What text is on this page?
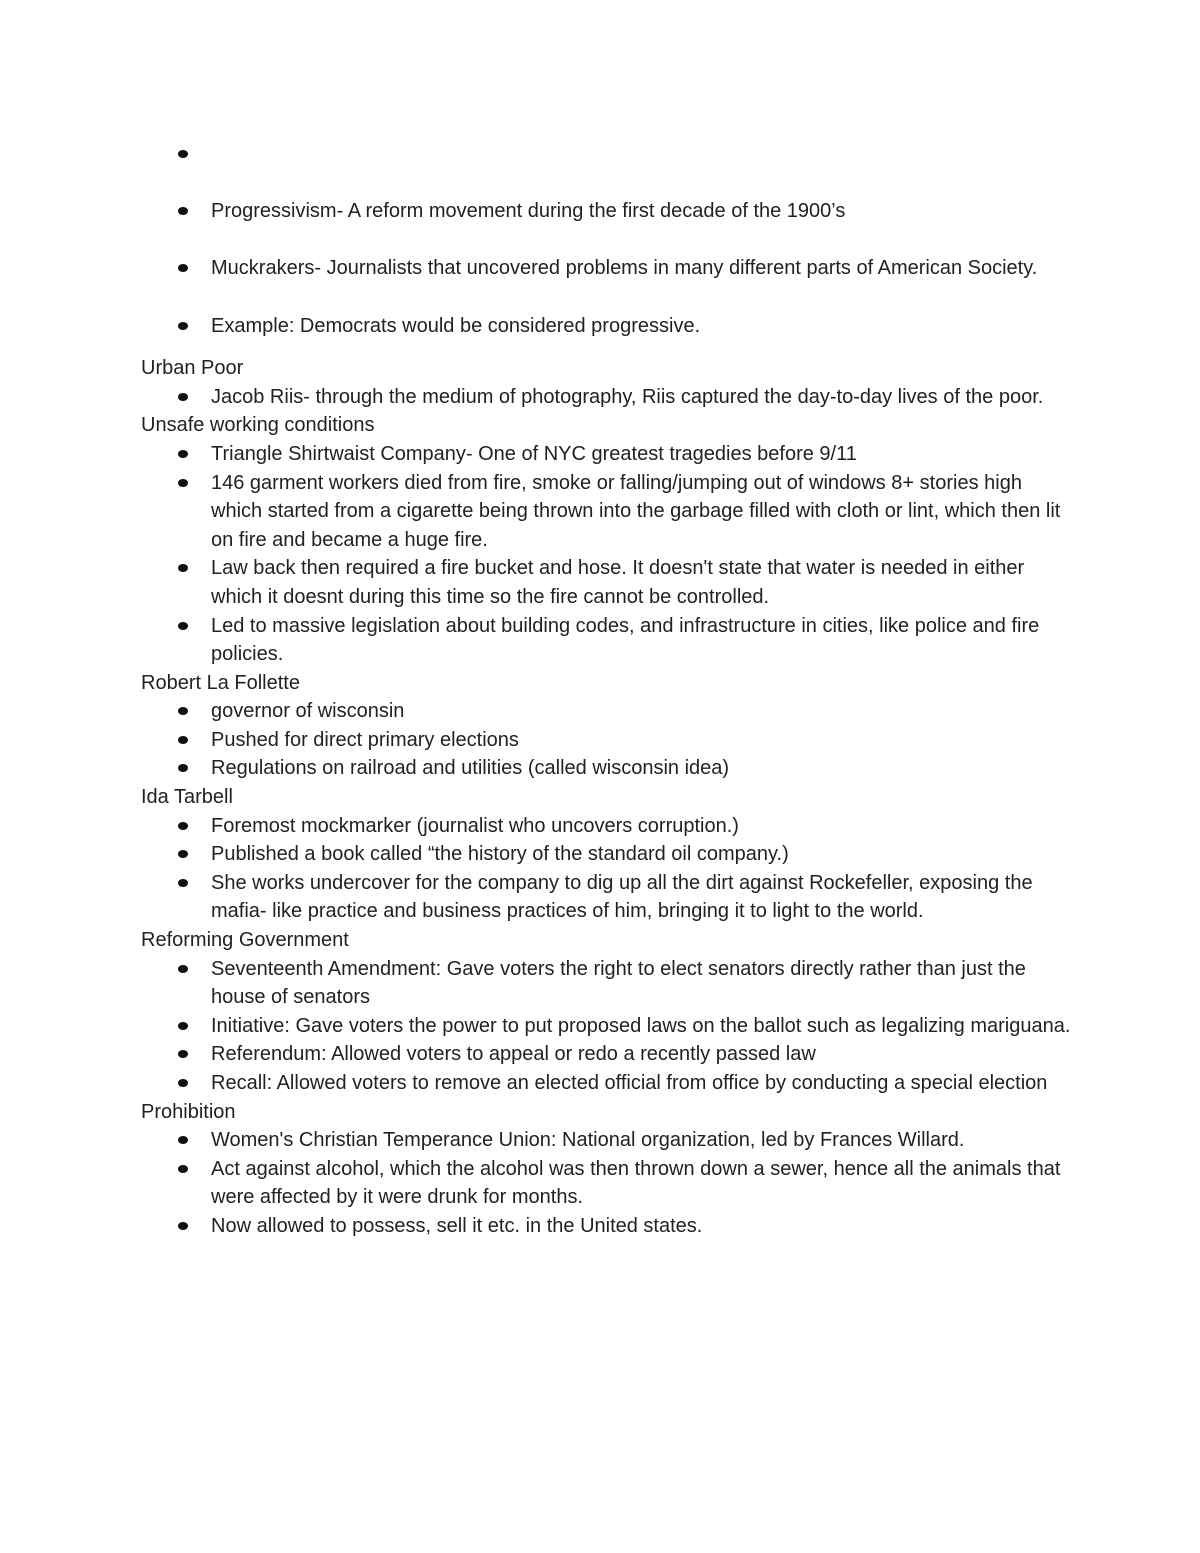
Progressivism- A reform movement during the first decade of the 1900’s
Muckrakers- Journalists that uncovered problems in many different parts of American Society.
Example: Democrats would be considered progressive.
Urban Poor
Jacob Riis- through the medium of photography, Riis captured the day-to-day lives of the poor.
Unsafe working conditions
Triangle Shirtwaist Company- One of NYC greatest tragedies before 9/11
146 garment workers died from fire, smoke or falling/jumping out of windows 8+ stories high which started from a cigarette being thrown into the garbage filled with cloth or lint, which then lit on fire and became a huge fire.
Law back then required a fire bucket and hose. It doesn't state that water is needed in either which it doesnt during this time so the fire cannot be controlled.
Led to massive legislation about building codes, and infrastructure in cities, like police and fire policies.
Robert La Follette
governor of wisconsin
Pushed for direct primary elections
Regulations on railroad and utilities (called wisconsin idea)
Ida Tarbell
Foremost mockmarker (journalist who uncovers corruption.)
Published a book called “the history of the standard oil company.)
She works undercover for the company to dig up all the dirt against Rockefeller, exposing the mafia- like practice and business practices of him, bringing it to light to the world.
Reforming Government
Seventeenth Amendment: Gave voters the right to elect senators directly rather than just the house of senators
Initiative: Gave voters the power to put proposed laws on the ballot such as legalizing mariguana.
Referendum: Allowed voters to appeal or redo a recently passed law
Recall: Allowed voters to remove an elected official from office by conducting a special election
Prohibition
Women's Christian Temperance Union: National organization, led by Frances Willard.
Act against alcohol, which the alcohol was then thrown down a sewer, hence all the animals that were affected by it were drunk for months.
Now allowed to possess, sell it etc. in the United states.
